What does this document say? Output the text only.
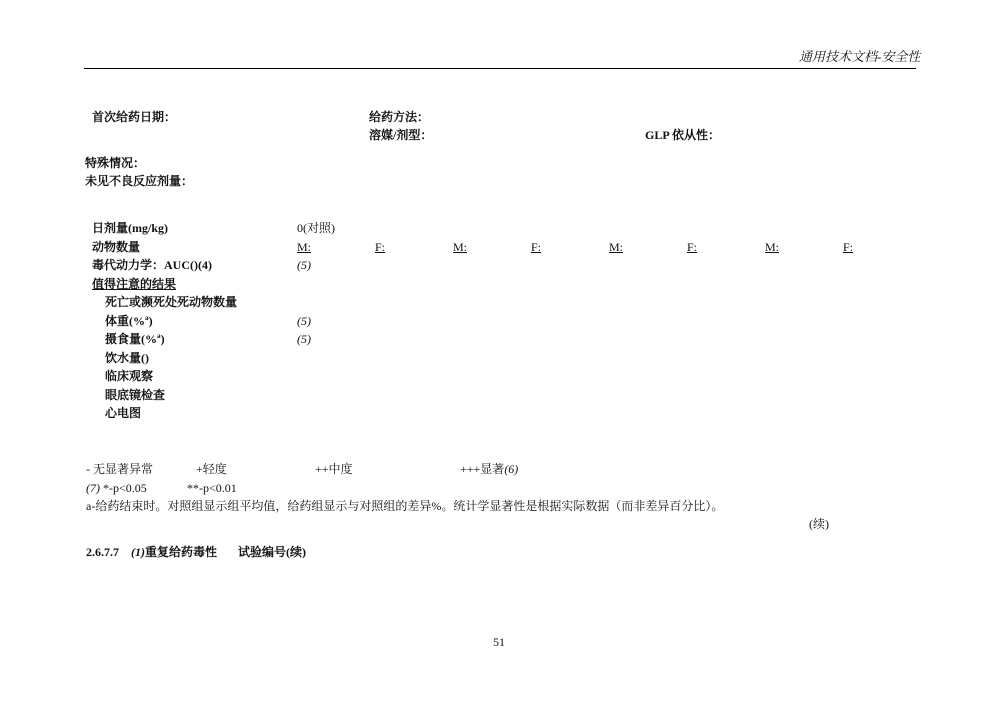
通用技术文档-安全性
首次给药日期：	给药方法：
溶媒/剂型：	GLP 依从性：
特殊情况：
未见不良反应剂量：
日剂量(mg/kg)	0(对照)
动物数量	M:	F:	M:	F:	M:	F:	M:	F:
毒代动力学：AUC()(4)	(5)
值得注意的结果
死亡或濒死处死动物数量
体重(%ª)	(5)
摄食量(%ª)	(5)
饮水量()
临床观察
眼底镜检查
心电图
- 无显著异常	+轻度	++中度	+++显著(6)
(7) *-p<0.05	**-p<0.01
a-给药结束时。对照组显示组平均值，给药组显示与对照组的差异%。统计学显著性是根据实际数据（而非差异百分比）。
(续)
2.6.7.7 (1)重复给药毒性 试验编号(续)
51
